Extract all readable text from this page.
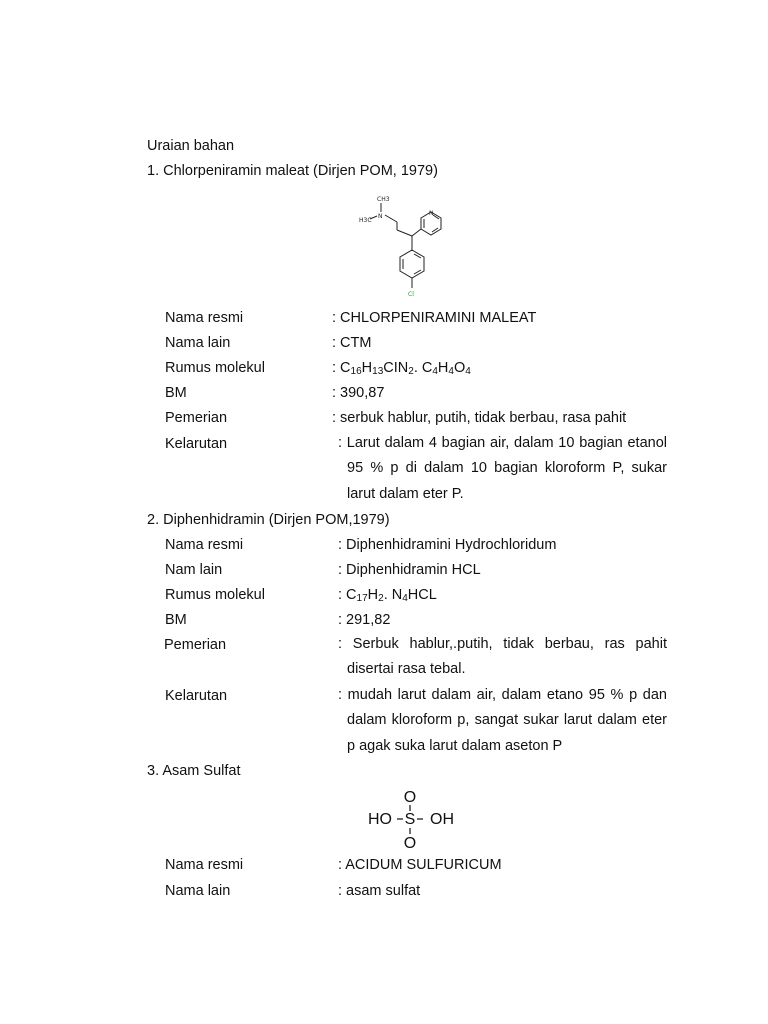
Uraian bahan
1. Chlorpeniramin maleat (Dirjen POM, 1979)
N
CH3
H3C
N
Cl
Nama resmi	: CHLORPENIRAMINI MALEAT
Nama lain	: CTM
Rumus molekul	: $C_{16}H_{13}CIN_2$. $C_4H_4O_4$
BM	: 390,87
Pemerian	: serbuk hablur, putih, tidak berbau, rasa pahit
Kelarutan	: Larut dalam 4 bagian air, dalam 10 bagian etanol 95 % p di dalam 10 bagian kloroform P, sukar larut dalam eter P.
2. Diphenhidramin (Dirjen POM,1979)
Nama resmi	: Diphenhidramini Hydrochloridum
Nam lain	: Diphenhidramin HCL
Rumus molekul	: $C_{17}H_2$. $N_4HCL$
BM	: 291,82
Pemerian	: Serbuk hablur,.putih, tidak berbau, ras pahit disertai rasa tebal.
Kelarutan	: mudah larut dalam air, dalam etano 95 % p dan dalam kloroform p, sangat sukar larut dalam eter p agak suka larut dalam aseton P
3. Asam Sulfat
O
HO S OH
O
Nama resmi	: ACIDUM SULFURICUM
Nama lain	: asam sulfat
